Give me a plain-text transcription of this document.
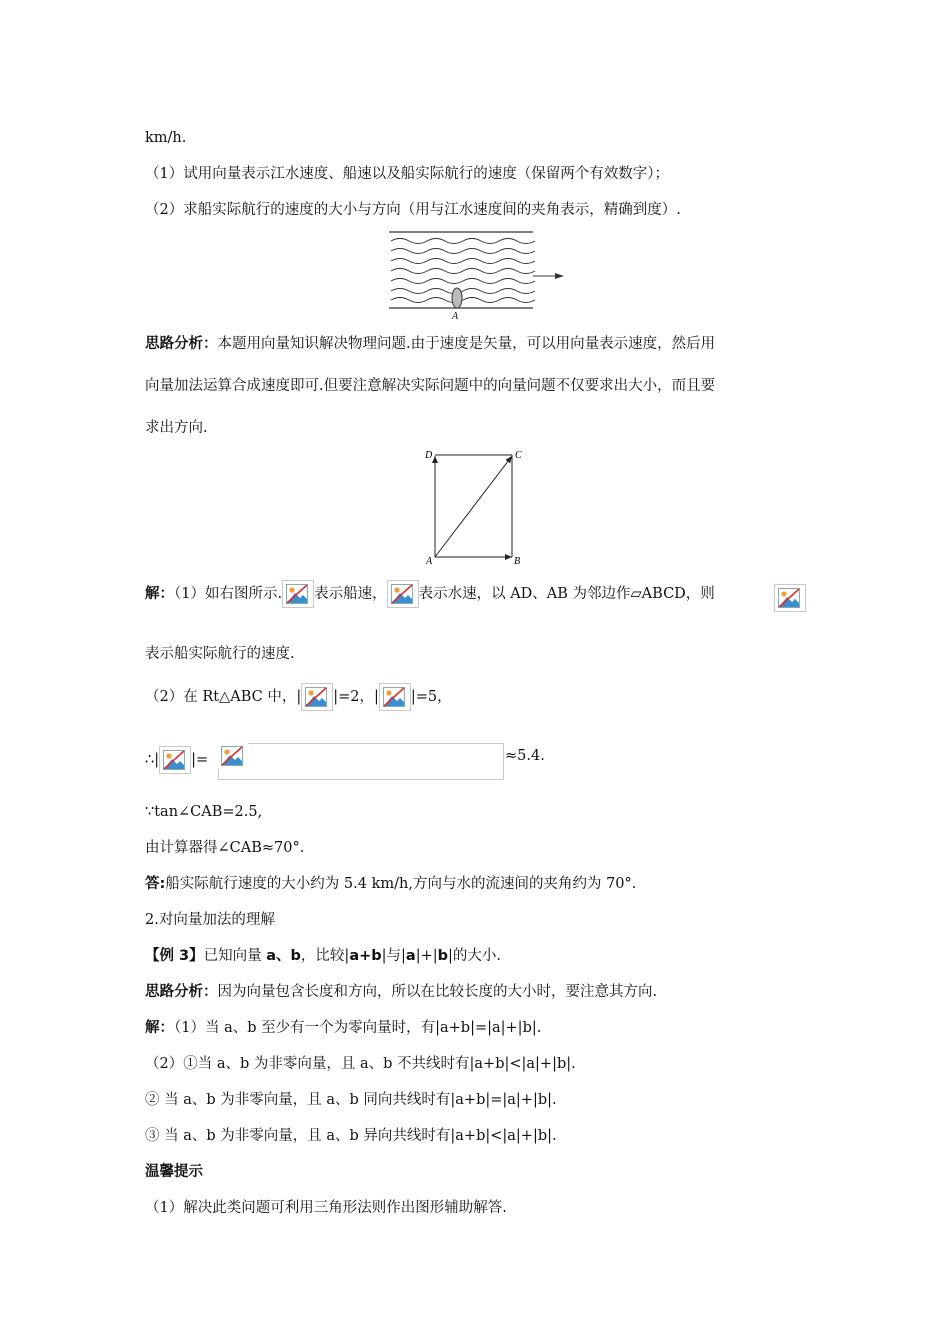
km/h.
（1）试用向量表示江水速度、船速以及船实际航行的速度（保留两个有效数字）；
（2）求船实际航行的速度的大小与方向（用与江水速度间的夹角表示，精确到度）.
A
思路分析：本题用向量知识解决物理问题.由于速度是矢量，可以用向量表示速度，然后用
向量加法运算合成速度即可.但要注意解决实际问题中的向量问题不仅要求出大小，而且要
求出方向.
D	C
A	B
解：（1）如右图所示. 表示船速， 表示水速，以 AD、AB 为邻边作▱ABCD，则
表示船实际航行的速度.
（2）在 Rt△ABC 中，| |=2，| |=5，
∴| |=	≈5.4.
∵tan∠CAB=2.5,
由计算器得∠CAB≈70°.
答:船实际航行速度的大小约为 5.4 km/h,方向与水的流速间的夹角约为 70°.
2.对向量加法的理解
【例 3】已知向量 a、b，比较|a+b|与|a|+|b|的大小.
思路分析：因为向量包含长度和方向，所以在比较长度的大小时，要注意其方向.
解：（1）当 a、b 至少有一个为零向量时，有|a+b|=|a|+|b|.
（2）①当 a、b 为非零向量，且 a、b 不共线时有|a+b|<|a|+|b|.
② 当 a、b 为非零向量，且 a、b 同向共线时有|a+b|=|a|+|b|.
③ 当 a、b 为非零向量，且 a、b 异向共线时有|a+b|<|a|+|b|.
温馨提示
（1）解决此类问题可利用三角形法则作出图形辅助解答.
